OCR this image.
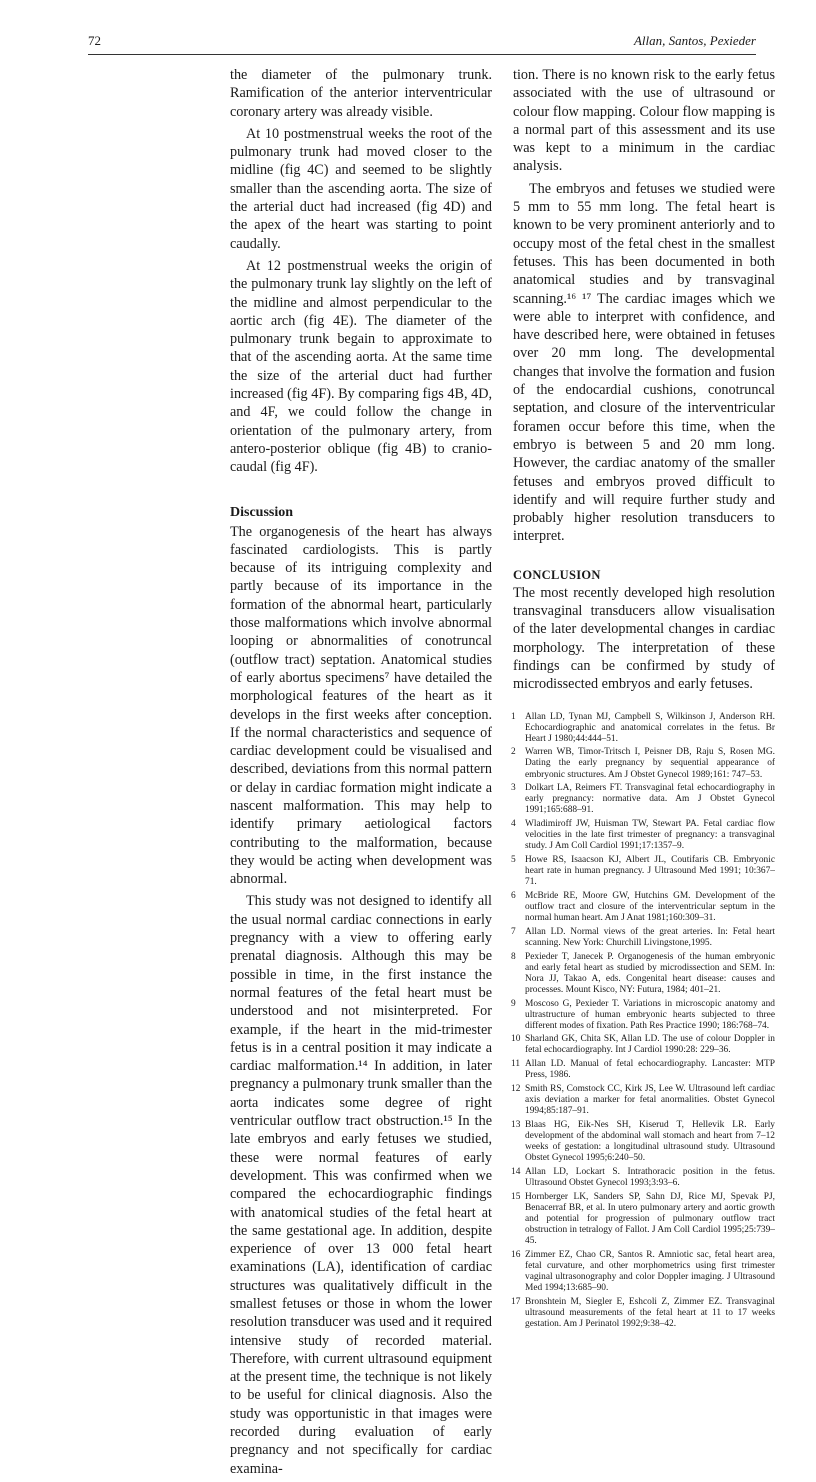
72	Allan, Santos, Pexieder

the diameter of the pulmonary trunk. Ramification of the anterior interventricular coronary artery was already visible.

At 10 postmenstrual weeks the root of the pulmonary trunk had moved closer to the midline (fig 4C) and seemed to be slightly smaller than the ascending aorta. The size of the arterial duct had increased (fig 4D) and the apex of the heart was starting to point caudally.

At 12 postmenstrual weeks the origin of the pulmonary trunk lay slightly on the left of the midline and almost perpendicular to the aortic arch (fig 4E). The diameter of the pulmonary trunk begain to approximate to that of the ascending aorta. At the same time the size of the arterial duct had further increased (fig 4F). By comparing figs 4B, 4D, and 4F, we could follow the change in orientation of the pulmonary artery, from antero-posterior oblique (fig 4B) to cranio-caudal (fig 4F).

Discussion

The organogenesis of the heart has always fascinated cardiologists. This is partly because of its intriguing complexity and partly because of its importance in the formation of the abnormal heart, particularly those malformations which involve abnormal looping or abnormalities of conotruncal (outflow tract) septation. Anatomical studies of early abortus specimens⁷ have detailed the morphological features of the heart as it develops in the first weeks after conception. If the normal characteristics and sequence of cardiac development could be visualised and described, deviations from this normal pattern or delay in cardiac formation might indicate a nascent malformation. This may help to identify primary aetiological factors contributing to the malformation, because they would be acting when development was abnormal.

This study was not designed to identify all the usual normal cardiac connections in early pregnancy with a view to offering early prenatal diagnosis. Although this may be possible in time, in the first instance the normal features of the fetal heart must be understood and not misinterpreted. For example, if the heart in the mid-trimester fetus is in a central position it may indicate a cardiac malformation.¹⁴ In addition, in later pregnancy a pulmonary trunk smaller than the aorta indicates some degree of right ventricular outflow tract obstruction.¹⁵ In the late embryos and early fetuses we studied, these were normal features of early development. This was confirmed when we compared the echocardiographic findings with anatomical studies of the fetal heart at the same gestational age. In addition, despite experience of over 13 000 fetal heart examinations (LA), identification of cardiac structures was qualitatively difficult in the smallest fetuses or those in whom the lower resolution transducer was used and it required intensive study of recorded material. Therefore, with current ultrasound equipment at the present time, the technique is not likely to be useful for clinical diagnosis. Also the study was opportunistic in that images were recorded during evaluation of early pregnancy and not specifically for cardiac examina-

tion. There is no known risk to the early fetus associated with the use of ultrasound or colour flow mapping. Colour flow mapping is a normal part of this assessment and its use was kept to a minimum in the cardiac analysis.

The embryos and fetuses we studied were 5 mm to 55 mm long. The fetal heart is known to be very prominent anteriorly and to occupy most of the fetal chest in the smallest fetuses. This has been documented in both anatomical studies and by transvaginal scanning.¹⁶ ¹⁷ The cardiac images which we were able to interpret with confidence, and have described here, were obtained in fetuses over 20 mm long. The developmental changes that involve the formation and fusion of the endocardial cushions, conotruncal septation, and closure of the interventricular foramen occur before this time, when the embryo is between 5 and 20 mm long. However, the cardiac anatomy of the smaller fetuses and embryos proved difficult to identify and will require further study and probably higher resolution transducers to interpret.

CONCLUSION

The most recently developed high resolution transvaginal transducers allow visualisation of the later developmental changes in cardiac morphology. The interpretation of these findings can be confirmed by study of microdissected embryos and early fetuses.

1 Allan LD, Tynan MJ, Campbell S, Wilkinson J, Anderson RH. Echocardiographic and anatomical correlates in the fetus. Br Heart J 1980;44:444–51.
2 Warren WB, Timor-Tritsch I, Peisner DB, Raju S, Rosen MG. Dating the early pregnancy by sequential appearance of embryonic structures. Am J Obstet Gynecol 1989;161: 747–53.
3 Dolkart LA, Reimers FT. Transvaginal fetal echocardiography in early pregnancy: normative data. Am J Obstet Gynecol 1991;165:688–91.
4 Wladimiroff JW, Huisman TW, Stewart PA. Fetal cardiac flow velocities in the late first trimester of pregnancy: a transvaginal study. J Am Coll Cardiol 1991;17:1357–9.
5 Howe RS, Isaacson KJ, Albert JL, Coutifaris CB. Embryonic heart rate in human pregnancy. J Ultrasound Med 1991; 10:367–71.
6 McBride RE, Moore GW, Hutchins GM. Development of the outflow tract and closure of the interventricular septum in the normal human heart. Am J Anat 1981;160:309–31.
7 Allan LD. Normal views of the great arteries. In: Fetal heart scanning. New York: Churchill Livingstone,1995.
8 Pexieder T, Janecek P. Organogenesis of the human embryonic and early fetal heart as studied by microdissection and SEM. In: Nora JJ, Takao A, eds. Congenital heart disease: causes and processes. Mount Kisco, NY: Futura, 1984; 401–21.
9 Moscoso G, Pexieder T. Variations in microscopic anatomy and ultrastructure of human embryonic hearts subjected to three different modes of fixation. Path Res Practice 1990; 186:768–74.
10 Sharland GK, Chita SK, Allan LD. The use of colour Doppler in fetal echocardiography. Int J Cardiol 1990:28: 229–36.
11 Allan LD. Manual of fetal echocardiography. Lancaster: MTP Press, 1986.
12 Smith RS, Comstock CC, Kirk JS, Lee W. Ultrasound left cardiac axis deviation a marker for fetal anormalities. Obstet Gynecol 1994;85:187–91.
13 Blaas HG, Eik-Nes SH, Kiserud T, Hellevik LR. Early development of the abdominal wall stomach and heart from 7–12 weeks of gestation: a longitudinal ultrasound study. Ultrasound Obstet Gynecol 1995;6:240–50.
14 Allan LD, Lockart S. Intrathoracic position in the fetus. Ultrasound Obstet Gynecol 1993;3:93–6.
15 Hornberger LK, Sanders SP, Sahn DJ, Rice MJ, Spevak PJ, Benacerraf BR, et al. In utero pulmonary artery and aortic growth and potential for progression of pulmonary outflow tract obstruction in tetralogy of Fallot. J Am Coll Cardiol 1995;25:739–45.
16 Zimmer EZ, Chao CR, Santos R. Amniotic sac, fetal heart area, fetal curvature, and other morphometrics using first trimester vaginal ultrasonography and color Doppler imaging. J Ultrasound Med 1994;13:685–90.
17 Bronshtein M, Siegler E, Eshcoli Z, Zimmer EZ. Transvaginal ultrasound measurements of the fetal heart at 11 to 17 weeks gestation. Am J Perinatol 1992;9:38–42.
